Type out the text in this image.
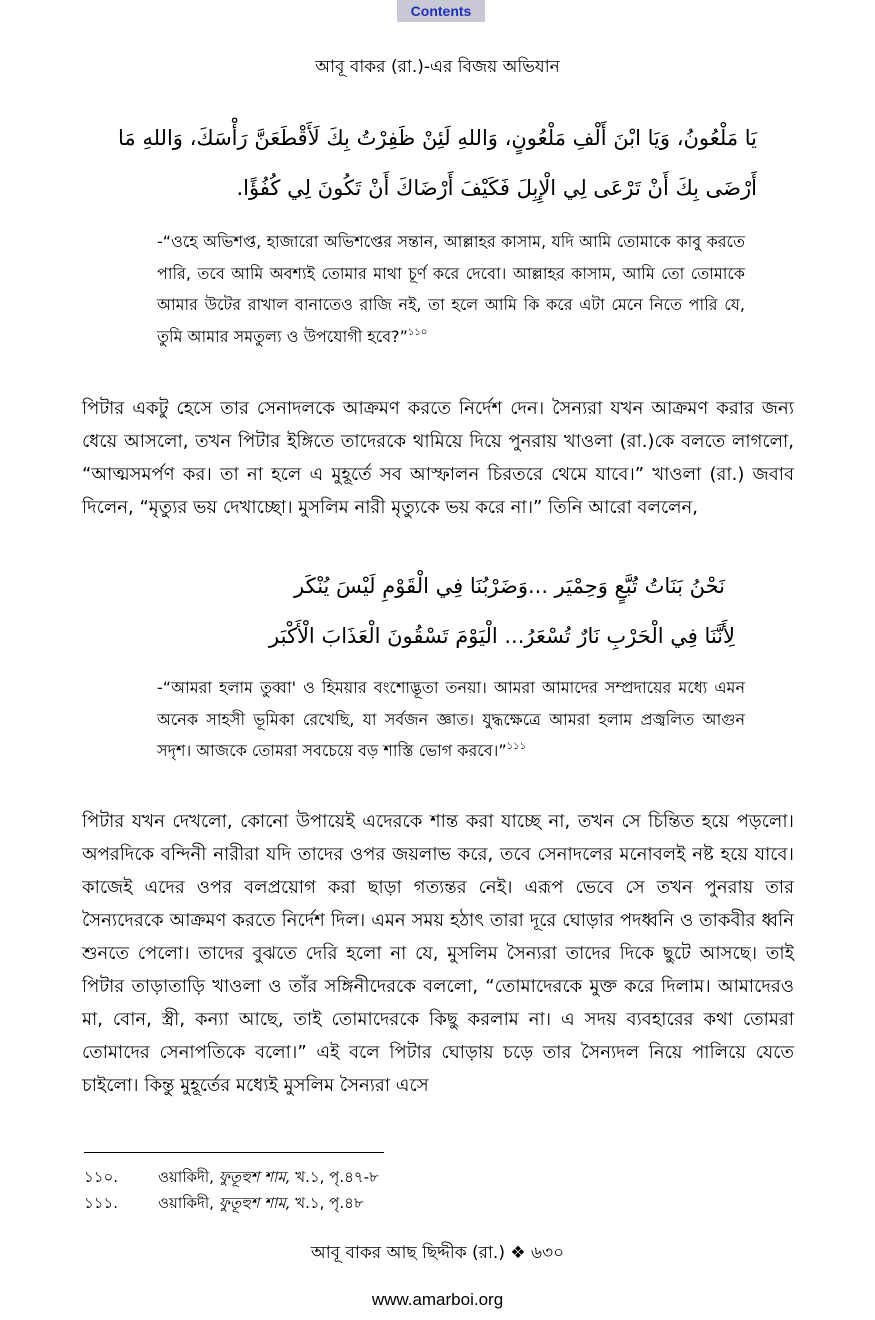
Contents
আবূ বাকর (রা.)-এর বিজয় অভিযান
يَا مَلْعُونُ، وَيَا ابْنَ أَلْفِ مَلْعُونٍ، وَاللهِ لَئِنْ ظَفِرْتُ بِكَ لَأَقْطَعَنَّ رَأْسَكَ، وَاللهِ مَا
أَرْضَى بِكَ أَنْ تَرْعَى لِي الْإِبِلَ فَكَيْفَ أَرْضَاكَ أَنْ تَكُونَ لِي كُفُؤًا.
-“ওহে অভিশপ্ত, হাজারো অভিশপ্তের সন্তান, আল্লাহর কাসাম, যদি আমি তোমাকে কাবু করতে পারি, তবে আমি অবশ্যই তোমার মাথা চূর্ণ করে দেবো। আল্লাহর কাসাম, আমি তো তোমাকে আমার উটের রাখাল বানাতেও রাজি নই, তা হলে আমি কি করে এটা মেনে নিতে পারি যে, তুমি আমার সমতুল্য ও উপযোগী হবে?”$^{১১০}$
পিটার একটু হেসে তার সেনাদলকে আক্রমণ করতে নির্দেশ দেন। সৈন্যরা যখন আক্রমণ করার জন্য ধেয়ে আসলো, তখন পিটার ইঙ্গিতে তাদেরকে থামিয়ে দিয়ে পুনরায় খাওলা (রা.)কে বলতে লাগলো, “আত্মসমর্পণ কর। তা না হলে এ মুহূর্তে সব আস্ফালন চিরতরে থেমে যাবে।” খাওলা (রা.) জবাব দিলেন, “মৃত্যুর ভয় দেখাচ্ছো। মুসলিম নারী মৃত্যুকে ভয় করে না।” তিনি আরো বললেন,
نَحْنُ بَنَاتُ تُبَّعٍ وَحِمْيَر ...وَضَرْبُنَا فِي الْقَوْمِ لَيْسَ يُنْكَر
لِأَنَّنَا فِي الْحَرْبِ نَارٌ تُسْعَرُ... الْيَوْمَ تَسْقُونَ الْعَذَابَ الْأَكْبَر
-“আমরা হলাম তুব্বা' ও হিময়ার বংশোদ্ভূতা তনয়া। আমরা আমাদের সম্প্রদায়ের মধ্যে এমন অনেক সাহসী ভূমিকা রেখেছি, যা সর্বজন জ্ঞাত। যুদ্ধক্ষেত্রে আমরা হলাম প্রজ্বলিত আগুন সদৃশ। আজকে তোমরা সবচেয়ে বড় শাস্তি ভোগ করবে।”$^{১১১}$
পিটার যখন দেখলো, কোনো উপায়েই এদেরকে শান্ত করা যাচ্ছে না, তখন সে চিন্তিত হয়ে পড়লো। অপরদিকে বন্দিনী নারীরা যদি তাদের ওপর জয়লাভ করে, তবে সেনাদলের মনোবলই নষ্ট হয়ে যাবে। কাজেই এদের ওপর বলপ্রয়োগ করা ছাড়া গত্যন্তর নেই। এরূপ ভেবে সে তখন পুনরায় তার সৈন্যদেরকে আক্রমণ করতে নির্দেশ দিল। এমন সময় হঠাৎ তারা দূরে ঘোড়ার পদধ্বনি ও তাকবীর ধ্বনি শুনতে পেলো। তাদের বুঝতে দেরি হলো না যে, মুসলিম সৈন্যরা তাদের দিকে ছুটে আসছে। তাই পিটার তাড়াতাড়ি খাওলা ও তাঁর সঙ্গিনীদেরকে বললো, “তোমাদেরকে মুক্ত করে দিলাম। আমাদেরও মা, বোন, স্ত্রী, কন্যা আছে, তাই তোমাদেরকে কিছু করলাম না। এ সদয় ব্যবহারের কথা তোমরা তোমাদের সেনাপতিকে বলো।” এই বলে পিটার ঘোড়ায় চড়ে তার সৈন্যদল নিয়ে পালিয়ে যেতে চাইলো। কিন্তু মুহূর্তের মধ্যেই মুসলিম সৈন্যরা এসে
১১০.	ওয়াকিদী, ফুতূহুশ শাম, খ.১, পৃ.৪৭-৮
১১১.	ওয়াকিদী, ফুতূহুশ শাম, খ.১, পৃ.৪৮
আবূ বাকর আছ ছিদ্দীক (রা.) ❖ ৬৩০
www.amarboi.org
